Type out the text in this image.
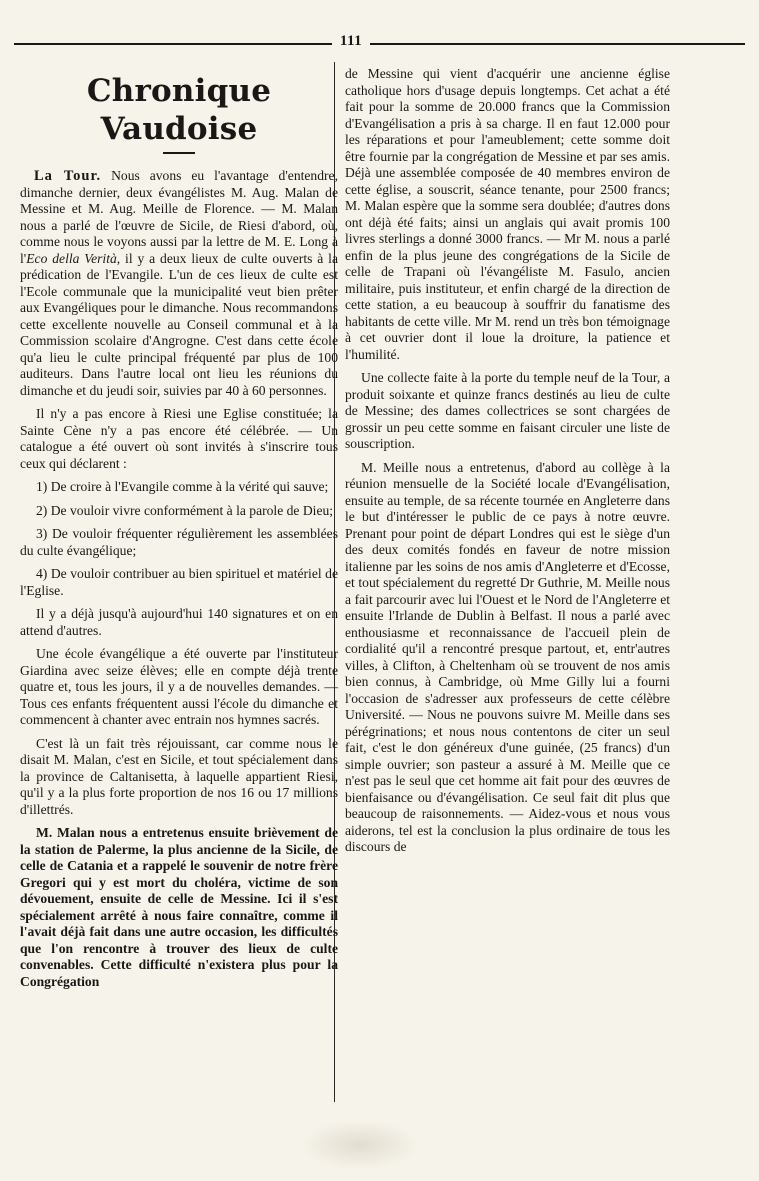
111
Chronique Vaudoise

La Tour. Nous avons eu l'avantage d'entendre, dimanche dernier, deux évangélistes M. Aug. Malan de Messine et M. Aug. Meille de Florence. — M. Malan nous a parlé de l'œuvre de Sicile, de Riesi d'abord, où, comme nous le voyons aussi par la lettre de M. E. Long à l'Eco della Verità, il y a deux lieux de culte ouverts à la prédication de l'Evangile. L'un de ces lieux de culte est l'Ecole communale que la municipalité veut bien prêter aux Evangéliques pour le dimanche. Nous recommandons cette excellente nouvelle au Conseil communal et à la Commission scolaire d'Angrogne. C'est dans cette école qu'a lieu le culte principal fréquenté par plus de 100 auditeurs. Dans l'autre local ont lieu les réunions du dimanche et du jeudi soir, suivies par 40 à 60 personnes.

Il n'y a pas encore à Riesi une Eglise constituée; la Sainte Cène n'y a pas encore été célébrée. — Un catalogue a été ouvert où sont invités à s'inscrire tous ceux qui déclarent :

1) De croire à l'Evangile comme à la vérité qui sauve;

2) De vouloir vivre conformément à la parole de Dieu;

3) De vouloir fréquenter régulièrement les assemblées du culte évangélique;

4) De vouloir contribuer au bien spirituel et matériel de l'Eglise.

Il y a déjà jusqu'à aujourd'hui 140 signatures et on en attend d'autres.

Une école évangélique a été ouverte par l'instituteur Giardina avec seize élèves; elle en compte déjà trente quatre et, tous les jours, il y a de nouvelles demandes. — Tous ces enfants fréquentent aussi l'école du dimanche et commencent à chanter avec entrain nos hymnes sacrés.

C'est là un fait très réjouissant, car comme nous le disait M. Malan, c'est en Sicile, et tout spécialement dans la province de Caltanisetta, à laquelle appartient Riesi, qu'il y a la plus forte proportion de nos 16 ou 17 millions d'illettrés.

M. Malan nous a entretenus ensuite brièvement de la station de Palerme, la plus ancienne de la Sicile, de celle de Catania et a rappelé le souvenir de notre frère Gregori qui y est mort du choléra, victime de son dévouement, ensuite de celle de Messine. Ici il s'est spécialement arrêté à nous faire connaître, comme il l'avait déjà fait dans une autre occasion, les difficultés que l'on rencontre à trouver des lieux de culte convenables. Cette difficulté n'existera plus pour la Congrégation

de Messine qui vient d'acquérir une ancienne église catholique hors d'usage depuis longtemps. Cet achat a été fait pour la somme de 20.000 francs que la Commission d'Evangélisation a pris à sa charge. Il en faut 12.000 pour les réparations et pour l'ameublement; cette somme doit être fournie par la congrégation de Messine et par ses amis. Déjà une assemblée composée de 40 membres environ de cette église, a souscrit, séance tenante, pour 2500 francs; M. Malan espère que la somme sera doublée; d'autres dons ont déjà été faits; ainsi un anglais qui avait promis 100 livres sterlings a donné 3000 francs. — Mr M. nous a parlé enfin de la plus jeune des congrégations de la Sicile de celle de Trapani où l'évangéliste M. Fasulo, ancien militaire, puis instituteur, et enfin chargé de la direction de cette station, a eu beaucoup à souffrir du fanatisme des habitants de cette ville. Mr M. rend un très bon témoignage à cet ouvrier dont il loue la droiture, la patience et l'humilité.

Une collecte faite à la porte du temple neuf de la Tour, a produit soixante et quinze francs destinés au lieu de culte de Messine; des dames collectrices se sont chargées de grossir un peu cette somme en faisant circuler une liste de souscription.

M. Meille nous a entretenus, d'abord au collège à la réunion mensuelle de la Société locale d'Evangélisation, ensuite au temple, de sa récente tournée en Angleterre dans le but d'intéresser le public de ce pays à notre œuvre. Prenant pour point de départ Londres qui est le siège d'un des deux comités fondés en faveur de notre mission italienne par les soins de nos amis d'Angleterre et d'Ecosse, et tout spécialement du regretté Dr Guthrie, M. Meille nous a fait parcourir avec lui l'Ouest et le Nord de l'Angleterre et ensuite l'Irlande de Dublin à Belfast. Il nous a parlé avec enthousiasme et reconnaissance de l'accueil plein de cordialité qu'il a rencontré presque partout, et, entr'autres villes, à Clifton, à Cheltenham où se trouvent de nos amis bien connus, à Cambridge, où Mme Gilly lui a fourni l'occasion de s'adresser aux professeurs de cette célèbre Université. — Nous ne pouvons suivre M. Meille dans ses pérégrinations; et nous nous contentons de citer un seul fait, c'est le don généreux d'une guinée, (25 francs) d'un simple ouvrier; son pasteur a assuré à M. Meille que ce n'est pas le seul que cet homme ait fait pour des œuvres de bienfaisance ou d'évangélisation. Ce seul fait dit plus que beaucoup de raisonnements. — Aidez-vous et nous vous aiderons, tel est la conclusion la plus ordinaire de tous les discours de
